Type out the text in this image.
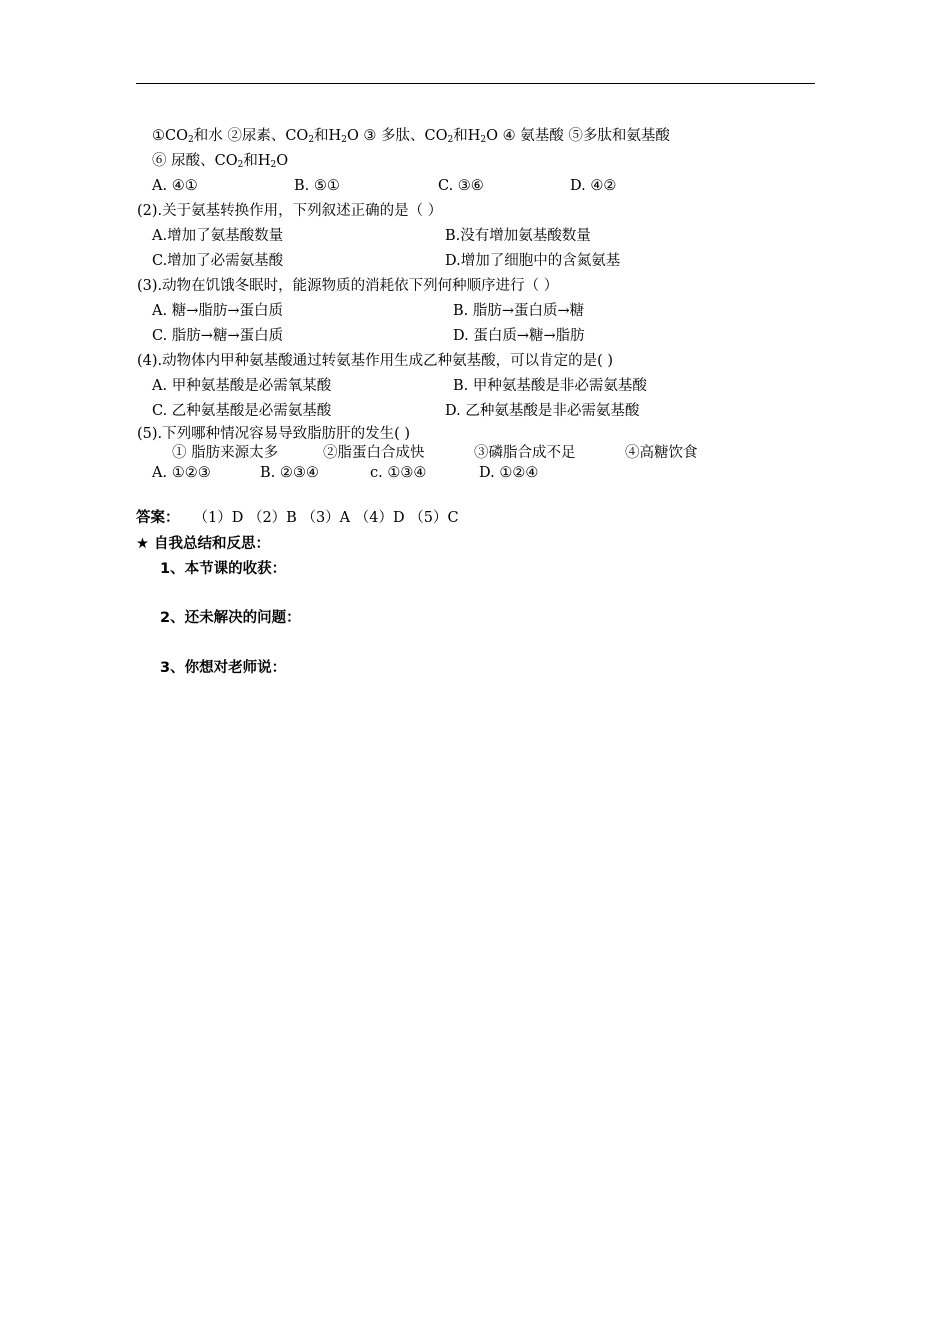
$①CO_2$和水 ②尿素、$CO_2$和$H_2O$ ③ 多肽、$CO_2$和$H_2O$ ④ 氨基酸 ⑤多肽和氨基酸
⑥ 尿酸、$CO_2$和$H_2O$
A. ④①	B. ⑤①	C. ③⑥	D. ④②
(2).关于氨基转换作用，下列叙述正确的是（ ）
A.增加了氨基酸数量	B.没有增加氨基酸数量
C.增加了必需氨基酸	D.增加了细胞中的含氮氨基
(3).动物在饥饿冬眠时，能源物质的消耗依下列何种顺序进行（ ）
A. 糖→脂肪→蛋白质	B. 脂肪→蛋白质→糖
C. 脂肪→糖→蛋白质	D. 蛋白质→糖→脂肪
(4).动物体内甲种氨基酸通过转氨基作用生成乙种氨基酸，可以肯定的是( )
A. 甲种氨基酸是必需氧某酸	B. 甲种氨基酸是非必需氨基酸
C. 乙种氨基酸是必需氨基酸	D. 乙种氨基酸是非必需氨基酸
(5).下列哪种情况容易导致脂肪肝的发生( )
① 脂肪来源太多	②脂蛋白合成快	③磷脂合成不足	④高糖饮食
A. ①②③	B. ②③④	c. ①③④	D. ①②④
答案： （1）D （2）B （3）A （4）D （5）C
★ 自我总结和反思：
1、本节课的收获：
2、还未解决的问题：
3、你想对老师说：
